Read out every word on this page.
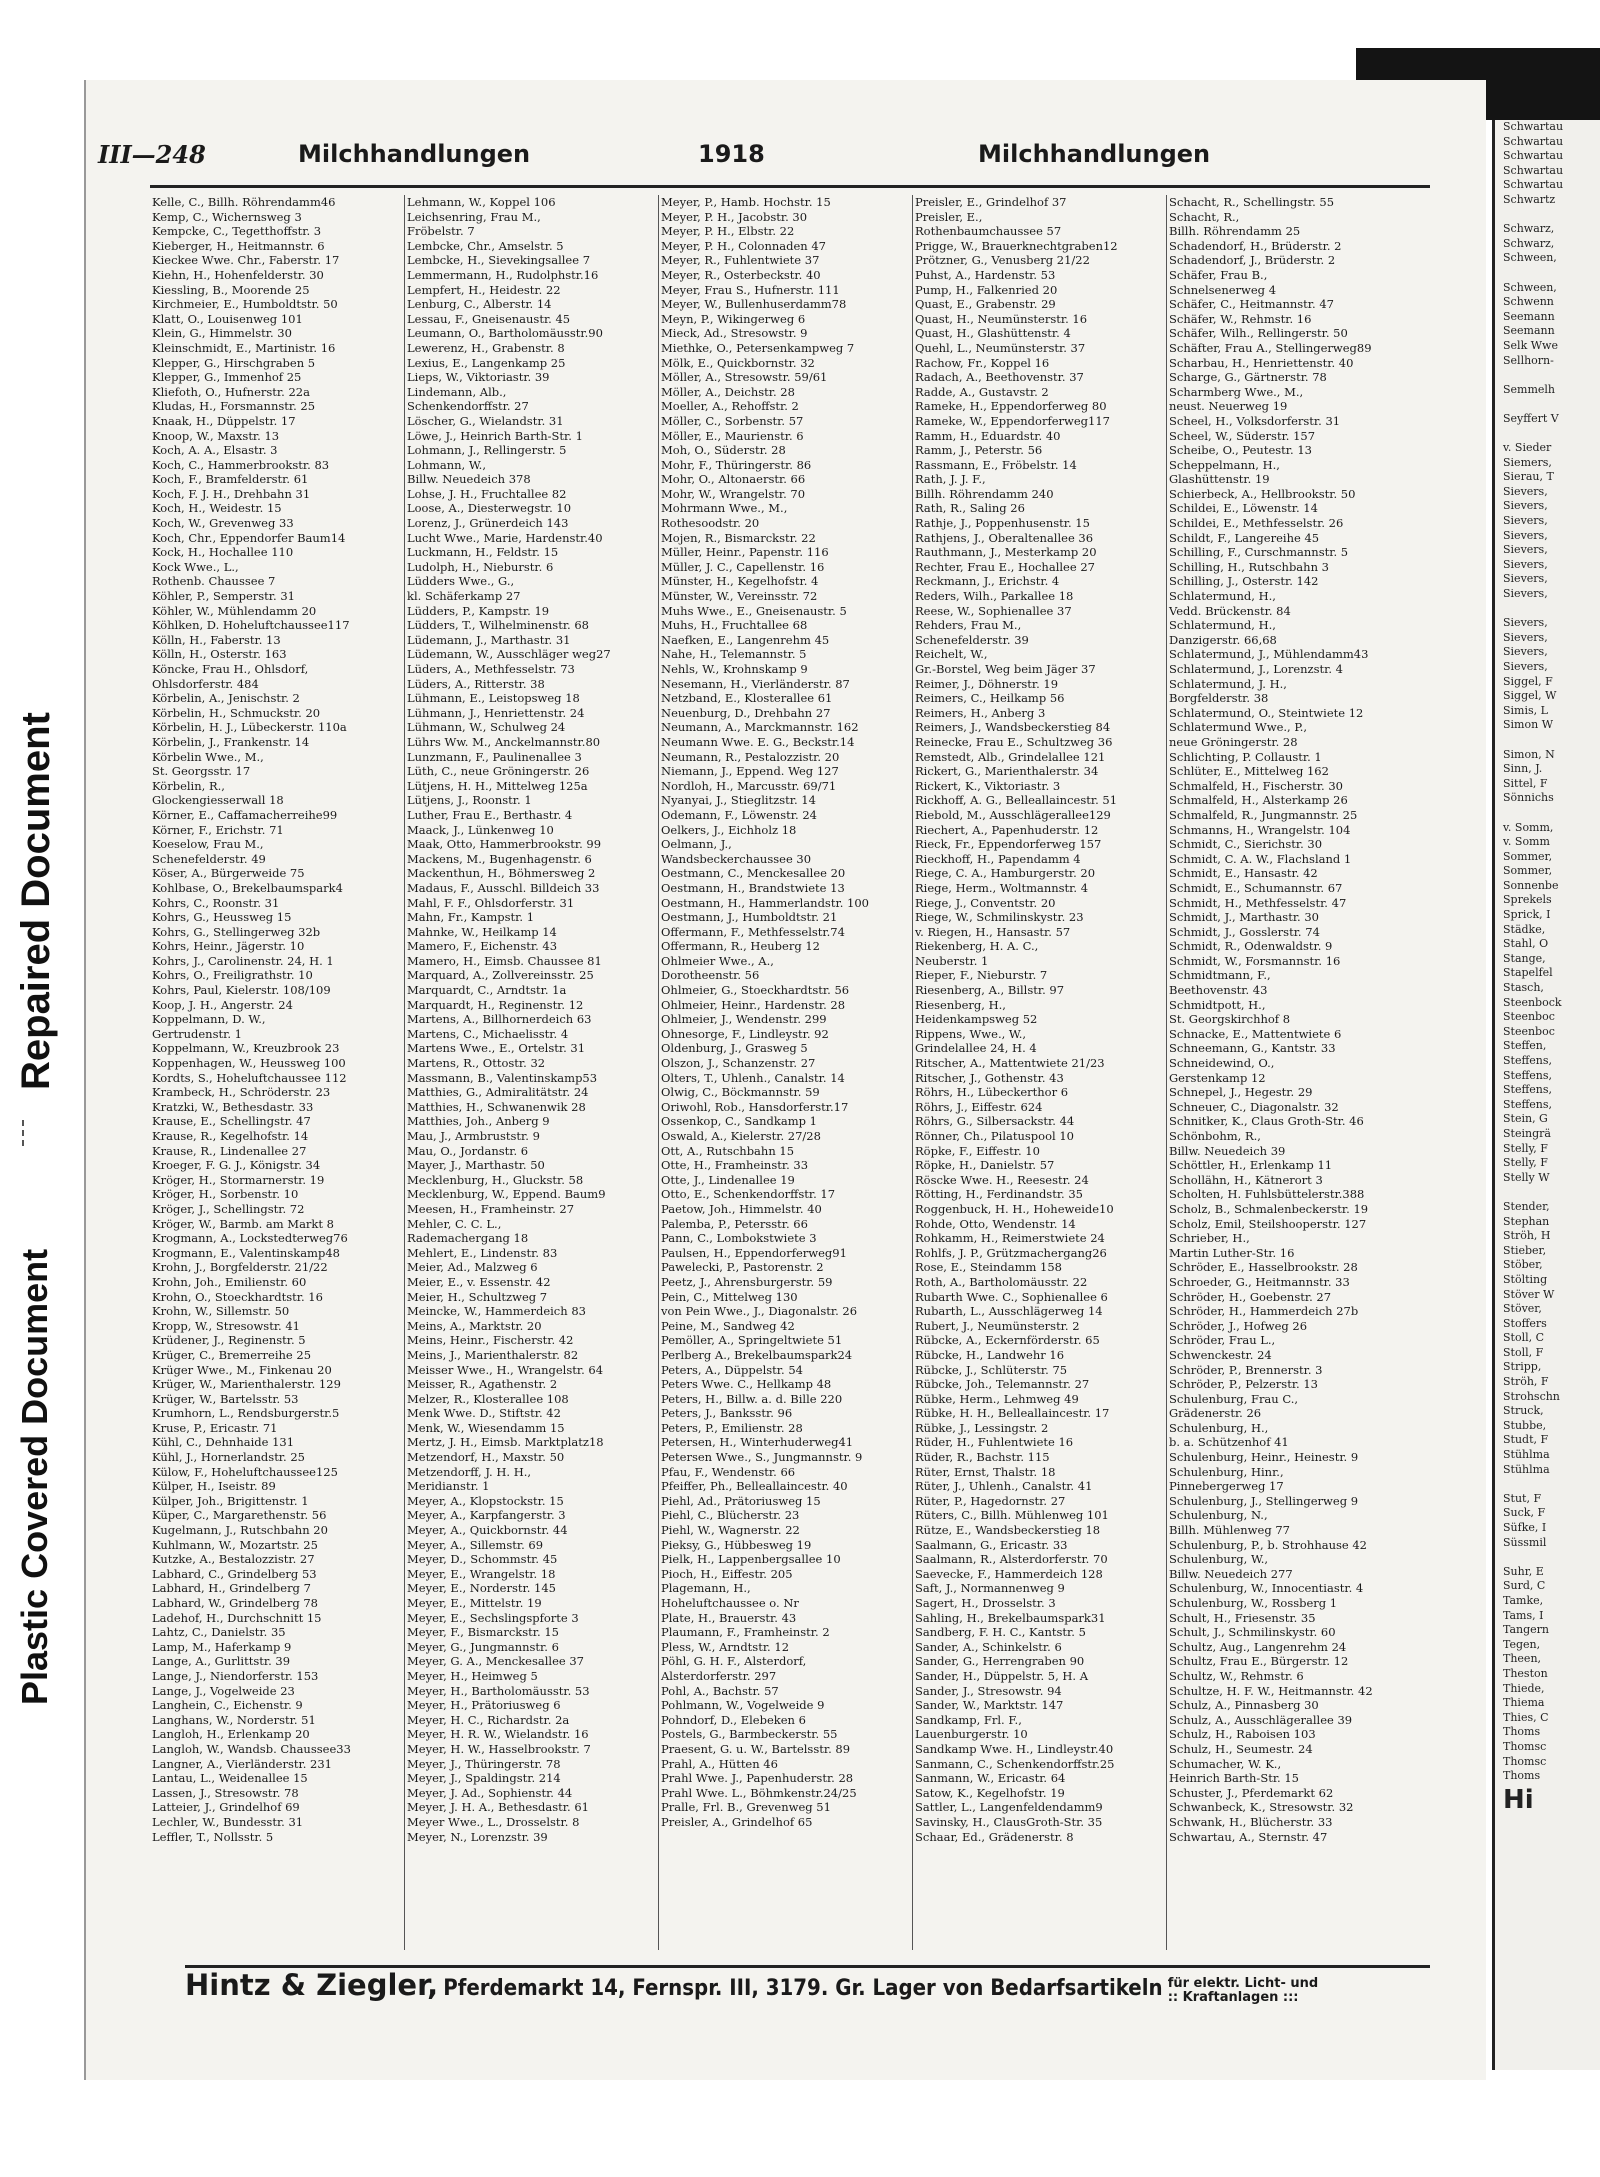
Repaired Document
Plastic Covered Document
III—248	Milchhandlungen	1918	Milchhandlungen
Kelle, C., Billh. Röhrendamm46
Kemp, C., Wichernsweg 3
Kempcke, C., Tegetthoffstr. 3
Kieberger, H., Heitmannstr. 6
Kieckee Wwe. Chr., Faberstr. 17
Kiehn, H., Hohenfelderstr. 30
Kiessling, B., Moorende 25
Kirchmeier, E., Humboldtstr. 50
Klatt, O., Louisenweg 101
Klein, G., Himmelstr. 30
Kleinschmidt, E., Martinistr. 16
Klepper, G., Hirschgraben 5
Klepper, G., Immenhof 25
Kliefoth, O., Hufnerstr. 22a
Kludas, H., Forsmannstr. 25
Knaak, H., Düppelstr. 17
Knoop, W., Maxstr. 13
Koch, A. A., Elsastr. 3
Koch, C., Hammerbrookstr. 83
Koch, F., Bramfelderstr. 61
Koch, F. J. H., Drehbahn 31
Koch, H., Weidestr. 15
Koch, W., Grevenweg 33
Koch, Chr., Eppendorfer Baum14
Kock, H., Hochallee 110
Kock Wwe., L.,
Rothenb. Chaussee 7
Köhler, P., Semperstr. 31
Köhler, W., Mühlendamm 20
Köhlken, D. Hoheluftchaussee117
Kölln, H., Faberstr. 13
Kölln, H., Osterstr. 163
Köncke, Frau H., Ohlsdorf,
Ohlsdorferstr. 484
Körbelin, A., Jenischstr. 2
Körbelin, H., Schmuckstr. 20
Körbelin, H. J., Lübeckerstr. 110a
Körbelin, J., Frankenstr. 14
Körbelin Wwe., M.,
St. Georgsstr. 17
Körbelin, R.,
Glockengiesserwall 18
Körner, E., Caffamacherreihe99
Körner, F., Erichstr. 71
Koeselow, Frau M.,
Schenefelderstr. 49
Köser, A., Bürgerweide 75
Kohlbase, O., Brekelbaumspark4
Kohrs, C., Roonstr. 31
Kohrs, G., Heussweg 15
Kohrs, G., Stellingerweg 32b
Kohrs, Heinr., Jägerstr. 10
Kohrs, J., Carolinenstr. 24, H. 1
Kohrs, O., Freiligrathstr. 10
Kohrs, Paul, Kielerstr. 108/109
Koop, J. H., Angerstr. 24
Koppelmann, D. W.,
Gertrudenstr. 1
Koppelmann, W., Kreuzbrook 23
Koppenhagen, W., Heussweg 100
Kordts, S., Hoheluftchaussee 112
Krambeck, H., Schröderstr. 23
Kratzki, W., Bethesdastr. 33
Krause, E., Schellingstr. 47
Krause, R., Kegelhofstr. 14
Krause, R., Lindenallee 27
Kroeger, F. G. J., Königstr. 34
Kröger, H., Stormarnerstr. 19
Kröger, H., Sorbenstr. 10
Kröger, J., Schellingstr. 72
Kröger, W., Barmb. am Markt 8
Krogmann, A., Lockstedterweg76
Krogmann, E., Valentinskamp48
Krohn, J., Borgfelderstr. 21/22
Krohn, Joh., Emilienstr. 60
Krohn, O., Stoeckhardtstr. 16
Krohn, W., Sillemstr. 50
Kropp, W., Stresowstr. 41
Krüdener, J., Reginenstr. 5
Krüger, C., Bremerreihe 25
Krüger Wwe., M., Finkenau 20
Krüger, W., Marienthalerstr. 129
Krüger, W., Bartelsstr. 53
Krumhorn, L., Rendsburgerstr.5
Kruse, P., Ericastr. 71
Kühl, C., Dehnhaide 131
Kühl, J., Hornerlandstr. 25
Külow, F., Hoheluftchaussee125
Külper, H., Iseistr. 89
Külper, Joh., Brigittenstr. 1
Küper, C., Margarethenstr. 56
Kugelmann, J., Rutschbahn 20
Kuhlmann, W., Mozartstr. 25
Kutzke, A., Bestalozzistr. 27
Labhard, C., Grindelberg 53
Labhard, H., Grindelberg 7
Labhard, W., Grindelberg 78
Ladehof, H., Durchschnitt 15
Lahtz, C., Danielstr. 35
Lamp, M., Haferkamp 9
Lange, A., Gurlittstr. 39
Lange, J., Niendorferstr. 153
Lange, J., Vogelweide 23
Langhein, C., Eichenstr. 9
Langhans, W., Norderstr. 51
Langloh, H., Erlenkamp 20
Langloh, W., Wandsb. Chaussee33
Langner, A., Vierländerstr. 231
Lantau, L., Weidenallee 15
Lassen, J., Stresowstr. 78
Latteier, J., Grindelhof 69
Lechler, W., Bundesstr. 31
Leffler, T., Nollsstr. 5
Lehmann, W., Koppel 106
Leichsenring, Frau M.,
Fröbelstr. 7
Lembcke, Chr., Amselstr. 5
Lembcke, H., Sievekingsallee 7
Lemmermann, H., Rudolphstr.16
Lempfert, H., Heidestr. 22
Lenburg, C., Alberstr. 14
Lessau, F., Gneisenaustr. 45
Leumann, O., Bartholomäusstr.90
Lewerenz, H., Grabenstr. 8
Lexius, E., Langenkamp 25
Lieps, W., Viktoriastr. 39
Lindemann, Alb.,
Schenkendorffstr. 27
Löscher, G., Wielandstr. 31
Löwe, J., Heinrich Barth-Str. 1
Lohmann, J., Rellingerstr. 5
Lohmann, W.,
Billw. Neuedeich 378
Lohse, J. H., Fruchtallee 82
Loose, A., Diesterwegstr. 10
Lorenz, J., Grünerdeich 143
Lucht Wwe., Marie, Hardenstr.40
Luckmann, H., Feldstr. 15
Ludolph, H., Nieburstr. 6
Lüdders Wwe., G.,
kl. Schäferkamp 27
Lüdders, P., Kampstr. 19
Lüdders, T., Wilhelminenstr. 68
Lüdemann, J., Marthastr. 31
Lüdemann, W., Ausschläger weg27
Lüders, A., Methfesselstr. 73
Lüders, A., Ritterstr. 38
Lühmann, E., Leistopsweg 18
Lühmann, J., Henriettenstr. 24
Lühmann, W., Schulweg 24
Lührs Ww. M., Anckelmannstr.80
Lunzmann, F., Paulinenallee 3
Lüth, C., neue Gröningerstr. 26
Lütjens, H. H., Mittelweg 125a
Lütjens, J., Roonstr. 1
Luther, Frau E., Berthastr. 4
Maack, J., Lünkenweg 10
Maak, Otto, Hammerbrookstr. 99
Mackens, M., Bugenhagenstr. 6
Mackenthun, H., Böhmersweg 2
Madaus, F., Ausschl. Billdeich 33
Mahl, F. F., Ohlsdorferstr. 31
Mahn, Fr., Kampstr. 1
Mahnke, W., Heilkamp 14
Mamero, F., Eichenstr. 43
Mamero, H., Eimsb. Chaussee 81
Marquard, A., Zollvereinsstr. 25
Marquardt, C., Arndtstr. 1a
Marquardt, H., Reginenstr. 12
Martens, A., Billhornerdeich 63
Martens, C., Michaelisstr. 4
Martens Wwe., E., Ortelstr. 31
Martens, R., Ottostr. 32
Massmann, B., Valentinskamp53
Matthies, G., Admiralitätstr. 24
Matthies, H., Schwanenwik 28
Matthies, Joh., Anberg 9
Mau, J., Armbruststr. 9
Mau, O., Jordanstr. 6
Mayer, J., Marthastr. 50
Mecklenburg, H., Gluckstr. 58
Mecklenburg, W., Eppend. Baum9
Meesen, H., Framheinstr. 27
Mehler, C. C. L.,
Rademachergang 18
Mehlert, E., Lindenstr. 83
Meier, Ad., Malzweg 6
Meier, E., v. Essenstr. 42
Meier, H., Schultzweg 7
Meincke, W., Hammerdeich 83
Meins, A., Marktstr. 20
Meins, Heinr., Fischerstr. 42
Meins, J., Marienthalerstr. 82
Meisser Wwe., H., Wrangelstr. 64
Meisser, R., Agathenstr. 2
Melzer, R., Klosterallee 108
Menk Wwe. D., Stiftstr. 42
Menk, W., Wiesendamm 15
Mertz, J. H., Eimsb. Marktplatz18
Metzendorf, H., Maxstr. 50
Metzendorff, J. H. H.,
Meridianstr. 1
Meyer, A., Klopstockstr. 15
Meyer, A., Karpfangerstr. 3
Meyer, A., Quickbornstr. 44
Meyer, A., Sillemstr. 69
Meyer, D., Schommstr. 45
Meyer, E., Wrangelstr. 18
Meyer, E., Norderstr. 145
Meyer, E., Mittelstr. 19
Meyer, E., Sechslingspforte 3
Meyer, F., Bismarckstr. 15
Meyer, G., Jungmannstr. 6
Meyer, G. A., Menckesallee 37
Meyer, H., Heimweg 5
Meyer, H., Bartholomäusstr. 53
Meyer, H., Prätoriusweg 6
Meyer, H. C., Richardstr. 2a
Meyer, H. R. W., Wielandstr. 16
Meyer, H. W., Hasselbrookstr. 7
Meyer, J., Thüringerstr. 78
Meyer, J., Spaldingstr. 214
Meyer, J. Ad., Sophienstr. 44
Meyer, J. H. A., Bethesdastr. 61
Meyer Wwe., L., Drosselstr. 8
Meyer, N., Lorenzstr. 39
Meyer, P., Hamb. Hochstr. 15
Meyer, P. H., Jacobstr. 30
Meyer, P. H., Elbstr. 22
Meyer, P. H., Colonnaden 47
Meyer, R., Fuhlentwiete 37
Meyer, R., Osterbeckstr. 40
Meyer, Frau S., Hufnerstr. 111
Meyer, W., Bullenhuserdamm78
Meyn, P., Wikingerweg 6
Mieck, Ad., Stresowstr. 9
Miethke, O., Petersenkampweg 7
Mölk, E., Quickbornstr. 32
Möller, A., Stresowstr. 59/61
Möller, A., Deichstr. 28
Moeller, A., Rehoffstr. 2
Möller, C., Sorbenstr. 57
Möller, E., Maurienstr. 6
Moh, O., Süderstr. 28
Mohr, F., Thüringerstr. 86
Mohr, O., Altonaerstr. 66
Mohr, W., Wrangelstr. 70
Mohrmann Wwe., M.,
Rothesoodstr. 20
Mojen, R., Bismarckstr. 22
Müller, Heinr., Papenstr. 116
Müller, J. C., Capellenstr. 16
Münster, H., Kegelhofstr. 4
Münster, W., Vereinsstr. 72
Muhs Wwe., E., Gneisenaustr. 5
Muhs, H., Fruchtallee 68
Naefken, E., Langenrehm 45
Nahe, H., Telemannstr. 5
Nehls, W., Krohnskamp 9
Nesemann, H., Vierländerstr. 87
Netzband, E., Klosterallee 61
Neuenburg, D., Drehbahn 27
Neumann, A., Marckmannstr. 162
Neumann Wwe. E. G., Beckstr.14
Neumann, R., Pestalozzistr. 20
Niemann, J., Eppend. Weg 127
Nordloh, H., Marcusstr. 69/71
Nyanyai, J., Stieglitzstr. 14
Odemann, F., Löwenstr. 24
Oelkers, J., Eichholz 18
Oelmann, J.,
Wandsbeckerchaussee 30
Oestmann, C., Menckesallee 20
Oestmann, H., Brandstwiete 13
Oestmann, H., Hammerlandstr. 100
Oestmann, J., Humboldtstr. 21
Offermann, F., Methfesselstr.74
Offermann, R., Heuberg 12
Ohlmeier Wwe., A.,
Dorotheenstr. 56
Ohlmeier, G., Stoeckhardtstr. 56
Ohlmeier, Heinr., Hardenstr. 28
Ohlmeier, J., Wendenstr. 299
Ohnesorge, F., Lindleystr. 92
Oldenburg, J., Grasweg 5
Olszon, J., Schanzenstr. 27
Olters, T., Uhlenh., Canalstr. 14
Olwig, C., Böckmannstr. 59
Oriwohl, Rob., Hansdorferstr.17
Ossenkop, C., Sandkamp 1
Oswald, A., Kielerstr. 27/28
Ott, A., Rutschbahn 15
Otte, H., Framheinstr. 33
Otte, J., Lindenallee 19
Otto, E., Schenkendorffstr. 17
Paetow, Joh., Himmelstr. 40
Palemba, P., Petersstr. 66
Pann, C., Lombokstwiete 3
Paulsen, H., Eppendorferweg91
Pawelecki, P., Pastorenstr. 2
Peetz, J., Ahrensburgerstr. 59
Pein, C., Mittelweg 130
von Pein Wwe., J., Diagonalstr. 26
Peine, M., Sandweg 42
Pemöller, A., Springeltwiete 51
Perlberg A., Brekelbaumspark24
Peters, A., Düppelstr. 54
Peters Wwe. C., Hellkamp 48
Peters, H., Billw. a. d. Bille 220
Peters, J., Banksstr. 96
Peters, P., Emilienstr. 28
Petersen, H., Winterhuderweg41
Petersen Wwe., S., Jungmannstr. 9
Pfau, F., Wendenstr. 66
Pfeiffer, Ph., Belleallaincestr. 40
Piehl, Ad., Prätoriusweg 15
Piehl, C., Blücherstr. 23
Piehl, W., Wagnerstr. 22
Pieksy, G., Hübbesweg 19
Pielk, H., Lappenbergsallee 10
Pioch, H., Eiffestr. 205
Plagemann, H.,
Hoheluftchaussee o. Nr
Plate, H., Brauerstr. 43
Plaumann, F., Framheinstr. 2
Pless, W., Arndtstr. 12
Pöhl, G. H. F., Alsterdorf,
Alsterdorferstr. 297
Pohl, A., Bachstr. 57
Pohlmann, W., Vogelweide 9
Pohndorf, D., Elebeken 6
Postels, G., Barmbeckerstr. 55
Praesent, G. u. W., Bartelsstr. 89
Prahl, A., Hütten 46
Prahl Wwe. J., Papenhuderstr. 28
Prahl Wwe. L., Böhmkenstr.24/25
Pralle, Frl. B., Grevenweg 51
Preisler, A., Grindelhof 65
Preisler, E., Grindelhof 37
Preisler, E.,
Rothenbaumchaussee 57
Prigge, W., Brauerknechtgraben12
Prötzner, G., Venusberg 21/22
Puhst, A., Hardenstr. 53
Pump, H., Falkenried 20
Quast, E., Grabenstr. 29
Quast, H., Neumünsterstr. 16
Quast, H., Glashüttenstr. 4
Quehl, L., Neumünsterstr. 37
Rachow, Fr., Koppel 16
Radach, A., Beethovenstr. 37
Radde, A., Gustavstr. 2
Rameke, H., Eppendorferweg 80
Rameke, W., Eppendorferweg117
Ramm, H., Eduardstr. 40
Ramm, J., Peterstr. 56
Rassmann, E., Fröbelstr. 14
Rath, J. J. F.,
Billh. Röhrendamm 240
Rath, R., Saling 26
Rathje, J., Poppenhusenstr. 15
Rathjens, J., Oberaltenallee 36
Rauthmann, J., Mesterkamp 20
Rechter, Frau E., Hochallee 27
Reckmann, J., Erichstr. 4
Reders, Wilh., Parkallee 18
Reese, W., Sophienallee 37
Rehders, Frau M.,
Schenefelderstr. 39
Reichelt, W.,
Gr.-Borstel, Weg beim Jäger 37
Reimer, J., Döhnerstr. 19
Reimers, C., Heilkamp 56
Reimers, H., Anberg 3
Reimers, J., Wandsbeckerstieg 84
Reinecke, Frau E., Schultzweg 36
Remstedt, Alb., Grindelallee 121
Rickert, G., Marienthalerstr. 34
Rickert, K., Viktoriastr. 3
Rickhoff, A. G., Belleallaincestr. 51
Riebold, M., Ausschlägerallee129
Riechert, A., Papenhuderstr. 12
Rieck, Fr., Eppendorferweg 157
Rieckhoff, H., Papendamm 4
Riege, C. A., Hamburgerstr. 20
Riege, Herm., Woltmannstr. 4
Riege, J., Conventstr. 20
Riege, W., Schmilinskystr. 23
v. Riegen, H., Hansastr. 57
Riekenberg, H. A. C.,
Neuberstr. 1
Rieper, F., Nieburstr. 7
Riesenberg, A., Billstr. 97
Riesenberg, H.,
Heidenkampsweg 52
Rippens, Wwe., W.,
Grindelallee 24, H. 4
Ritscher, A., Mattentwiete 21/23
Ritscher, J., Gothenstr. 43
Röhrs, H., Lübeckerthor 6
Röhrs, J., Eiffestr. 624
Röhrs, G., Silbersackstr. 44
Rönner, Ch., Pilatuspool 10
Röpke, F., Eiffestr. 10
Röpke, H., Danielstr. 57
Röscke Wwe. H., Reesestr. 24
Rötting, H., Ferdinandstr. 35
Roggenbuck, H. H., Hoheweide10
Rohde, Otto, Wendenstr. 14
Rohkamm, H., Reimerstwiete 24
Rohlfs, J. P., Grützmachergang26
Rose, E., Steindamm 158
Roth, A., Bartholomäusstr. 22
Rubarth Wwe. C., Sophienallee 6
Rubarth, L., Ausschlägerweg 14
Rubert, J., Neumünsterstr. 2
Rübcke, A., Eckernförderstr. 65
Rübcke, H., Landwehr 16
Rübcke, J., Schlüterstr. 75
Rübcke, Joh., Telemannstr. 27
Rübke, Herm., Lehmweg 49
Rübke, H. H., Belleallaincestr. 17
Rübke, J., Lessingstr. 2
Rüder, H., Fuhlentwiete 16
Rüder, R., Bachstr. 115
Rüter, Ernst, Thalstr. 18
Rüter, J., Uhlenh., Canalstr. 41
Rüter, P., Hagedornstr. 27
Rüters, C., Billh. Mühlenweg 101
Rütze, E., Wandsbeckerstieg 18
Saalmann, G., Ericastr. 33
Saalmann, R., Alsterdorferstr. 70
Saevecke, F., Hammerdeich 128
Saft, J., Normannenweg 9
Sagert, H., Drosselstr. 3
Sahling, H., Brekelbaumspark31
Sandberg, F. H. C., Kantstr. 5
Sander, A., Schinkelstr. 6
Sander, G., Herrengraben 90
Sander, H., Düppelstr. 5, H. A
Sander, J., Stresowstr. 94
Sander, W., Marktstr. 147
Sandkamp, Frl. F.,
Lauenburgerstr. 10
Sandkamp Wwe. H., Lindleystr.40
Sanmann, C., Schenkendorffstr.25
Sanmann, W., Ericastr. 64
Satow, K., Kegelhofstr. 19
Sattler, L., Langenfeldendamm9
Savinsky, H., ClausGroth-Str. 35
Schaar, Ed., Grädenerstr. 8
Schacht, R., Schellingstr. 55
Schacht, R.,
Billh. Röhrendamm 25
Schadendorf, H., Brüderstr. 2
Schadendorf, J., Brüderstr. 2
Schäfer, Frau B.,
Schnelsenerweg 4
Schäfer, C., Heitmannstr. 47
Schäfer, W., Rehmstr. 16
Schäfer, Wilh., Rellingerstr. 50
Schäfter, Frau A., Stellingerweg89
Scharbau, H., Henriettenstr. 40
Scharge, G., Gärtnerstr. 78
Scharmberg Wwe., M.,
neust. Neuerweg 19
Scheel, H., Volksdorferstr. 31
Scheel, W., Süderstr. 157
Scheibe, O., Peutestr. 13
Scheppelmann, H.,
Glashüttenstr. 19
Schierbeck, A., Hellbrookstr. 50
Schildei, E., Löwenstr. 14
Schildei, E., Methfesselstr. 26
Schildt, F., Langereihe 45
Schilling, F., Curschmannstr. 5
Schilling, H., Rutschbahn 3
Schilling, J., Osterstr. 142
Schlatermund, H.,
Vedd. Brückenstr. 84
Schlatermund, H.,
Danzigerstr. 66,68
Schlatermund, J., Mühlendamm43
Schlatermund, J., Lorenzstr. 4
Schlatermund, J. H.,
Borgfelderstr. 38
Schlatermund, O., Steintwiete 12
Schlatermund Wwe., P.,
neue Gröningerstr. 28
Schlichting, P. Collaustr. 1
Schlüter, E., Mittelweg 162
Schmalfeld, H., Fischerstr. 30
Schmalfeld, H., Alsterkamp 26
Schmalfeld, R., Jungmannstr. 25
Schmanns, H., Wrangelstr. 104
Schmidt, C., Sierichstr. 30
Schmidt, C. A. W., Flachsland 1
Schmidt, E., Hansastr. 42
Schmidt, E., Schumannstr. 67
Schmidt, H., Methfesselstr. 47
Schmidt, J., Marthastr. 30
Schmidt, J., Gosslerstr. 74
Schmidt, R., Odenwaldstr. 9
Schmidt, W., Forsmannstr. 16
Schmidtmann, F.,
Beethovenstr. 43
Schmidtpott, H.,
St. Georgskirchhof 8
Schnacke, E., Mattentwiete 6
Schneemann, G., Kantstr. 33
Schneidewind, O.,
Gerstenkamp 12
Schnepel, J., Hegestr. 29
Schneuer, C., Diagonalstr. 32
Schnitker, K., Claus Groth-Str. 46
Schönbohm, R.,
Billw. Neuedeich 39
Schöttler, H., Erlenkamp 11
Schollähn, H., Kätnerort 3
Scholten, H. Fuhlsbüttelerstr.388
Scholz, B., Schmalenbeckerstr. 19
Scholz, Emil, Steilshooperstr. 127
Schrieber, H.,
Martin Luther-Str. 16
Schröder, E., Hasselbrookstr. 28
Schroeder, G., Heitmannstr. 33
Schröder, H., Goebenstr. 27
Schröder, H., Hammerdeich 27b
Schröder, J., Hofweg 26
Schröder, Frau L.,
Schwenckestr. 24
Schröder, P., Brennerstr. 3
Schröder, P., Pelzerstr. 13
Schulenburg, Frau C.,
Grädenerstr. 26
Schulenburg, H.,
b. a. Schützenhof 41
Schulenburg, Heinr., Heinestr. 9
Schulenburg, Hinr.,
Pinnebergerweg 17
Schulenburg, J., Stellingerweg 9
Schulenburg, N.,
Billh. Mühlenweg 77
Schulenburg, P., b. Strohhause 42
Schulenburg, W.,
Billw. Neuedeich 277
Schulenburg, W., Innocentiastr. 4
Schulenburg, W., Rossberg 1
Schult, H., Friesenstr. 35
Schult, J., Schmilinskystr. 60
Schultz, Aug., Langenrehm 24
Schultz, Frau E., Bürgerstr. 12
Schultz, W., Rehmstr. 6
Schultze, H. F. W., Heitmannstr. 42
Schulz, A., Pinnasberg 30
Schulz, A., Ausschlägerallee 39
Schulz, H., Raboisen 103
Schulz, H., Seumestr. 24
Schumacher, W. K.,
Heinrich Barth-Str. 15
Schuster, J., Pferdemarkt 62
Schwanbeck, K., Stresowstr. 32
Schwank, H., Blücherstr. 33
Schwartau, A., Sternstr. 47
Hintz & Ziegler, Pferdemarkt 14, Fernspr. III, 3179. Gr. Lager von Bedarfsartikeln für elektr. Licht- und
:: Kraftanlagen :::
Schwartau
Schwartau
Schwartau
Schwartau
Schwartau
Schwartz

Schwarz,
Schwarz,
Schween,

Schween,
Schwenn
Seemann
Seemann
Selk Wwe
Sellhorn-

Semmelh

Seyffert V

v. Sieder
Siemers,
Sierau, T
Sievers,
Sievers,
Sievers,
Sievers,
Sievers,
Sievers,
Sievers,
Sievers,

Sievers,
Sievers,
Sievers,
Sievers,
Siggel, F
Siggel, W
Simis, L
Simon W

Simon, N
Sinn, J.
Sittel, F
Sönnichs

v. Somm,
v. Somm
Sommer,
Sommer,
Sonnenbe
Sprekels
Sprick, I
Städke,
Stahl, O
Stange,
Stapelfel
Stasch,
Steenbock
Steenboc
Steenboc
Steffen,
Steffens,
Steffens,
Steffens,
Steffens,
Stein, G
Steingrä
Stelly, F
Stelly, F
Stelly W

Stender,
Stephan
Ströh, H
Stieber,
Stöber,
Stölting
Stöver W
Stöver,
Stoffers
Stoll, C
Stoll, F
Stripp,
Ströh, F
Strohschn
Struck,
Stubbe,
Studt, F
Stühlma
Stühlma

Stut, F
Suck, F
Süfke, I
Süssmil

Suhr, E
Surd, C
Tamke,
Tams, I
Tangern
Tegen,
Theen,
Theston
Thiede,
Thiema
Thies, C
Thoms
Thomsc
Thomsc
Thoms
Hi
